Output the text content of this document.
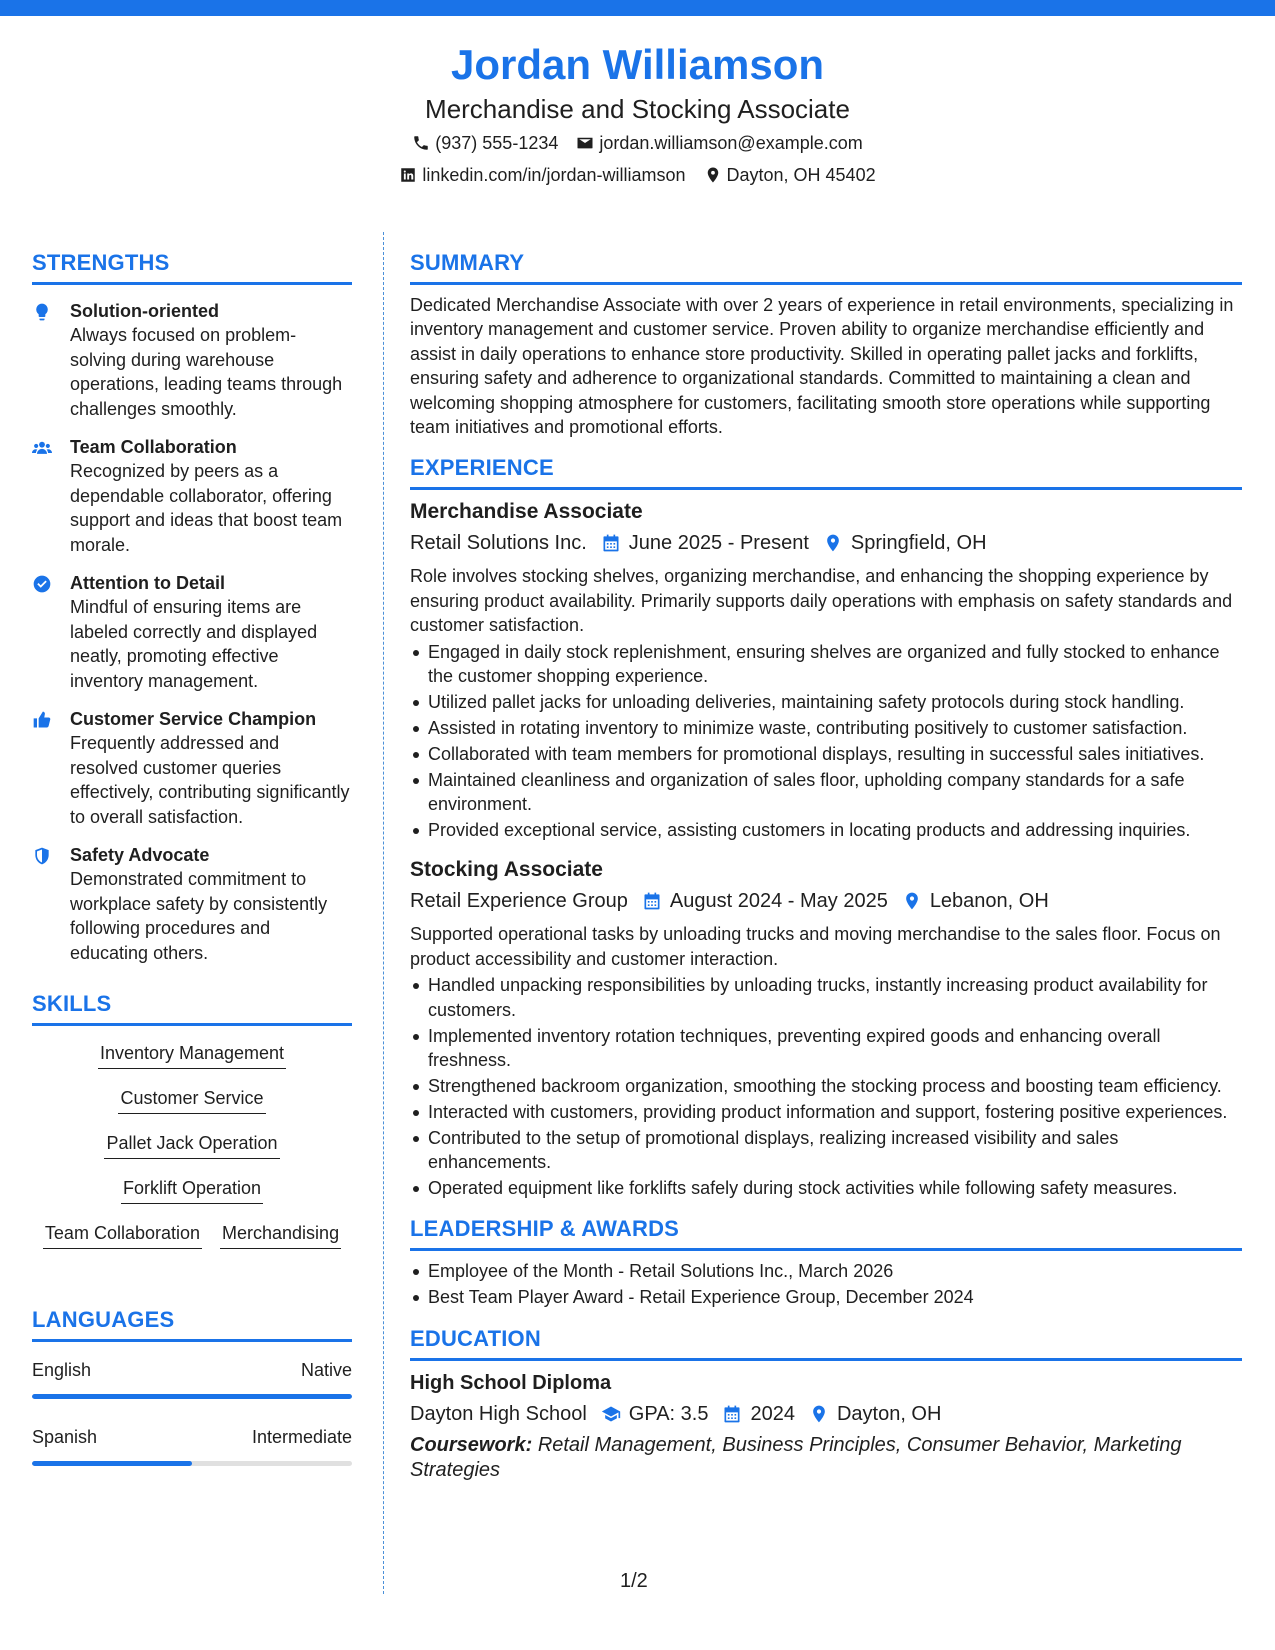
Jordan Williamson
Merchandise and Stocking Associate
(937) 555-1234 jordan.williamson@example.com
linkedin.com/in/jordan-williamson Dayton, OH 45402
STRENGTHS
Solution-oriented
Always focused on problem-solving during warehouse operations, leading teams through challenges smoothly.
Team Collaboration
Recognized by peers as a dependable collaborator, offering support and ideas that boost team morale.
Attention to Detail
Mindful of ensuring items are labeled correctly and displayed neatly, promoting effective inventory management.
Customer Service Champion
Frequently addressed and resolved customer queries effectively, contributing significantly to overall satisfaction.
Safety Advocate
Demonstrated commitment to workplace safety by consistently following procedures and educating others.
SKILLS
Inventory Management
Customer Service
Pallet Jack Operation
Forklift Operation
Team Collaboration Merchandising
LANGUAGES
English	Native
Spanish	Intermediate
SUMMARY
Dedicated Merchandise Associate with over 2 years of experience in retail environments, specializing in inventory management and customer service. Proven ability to organize merchandise efficiently and assist in daily operations to enhance store productivity. Skilled in operating pallet jacks and forklifts, ensuring safety and adherence to organizational standards. Committed to maintaining a clean and welcoming shopping atmosphere for customers, facilitating smooth store operations while supporting team initiatives and promotional efforts.
EXPERIENCE
Merchandise Associate
Retail Solutions Inc. June 2025 - Present Springfield, OH
Role involves stocking shelves, organizing merchandise, and enhancing the shopping experience by ensuring product availability. Primarily supports daily operations with emphasis on safety standards and customer satisfaction.
Engaged in daily stock replenishment, ensuring shelves are organized and fully stocked to enhance the customer shopping experience.
Utilized pallet jacks for unloading deliveries, maintaining safety protocols during stock handling.
Assisted in rotating inventory to minimize waste, contributing positively to customer satisfaction.
Collaborated with team members for promotional displays, resulting in successful sales initiatives.
Maintained cleanliness and organization of sales floor, upholding company standards for a safe environment.
Provided exceptional service, assisting customers in locating products and addressing inquiries.
Stocking Associate
Retail Experience Group August 2024 - May 2025 Lebanon, OH
Supported operational tasks by unloading trucks and moving merchandise to the sales floor. Focus on product accessibility and customer interaction.
Handled unpacking responsibilities by unloading trucks, instantly increasing product availability for customers.
Implemented inventory rotation techniques, preventing expired goods and enhancing overall freshness.
Strengthened backroom organization, smoothing the stocking process and boosting team efficiency.
Interacted with customers, providing product information and support, fostering positive experiences.
Contributed to the setup of promotional displays, realizing increased visibility and sales enhancements.
Operated equipment like forklifts safely during stock activities while following safety measures.
LEADERSHIP & AWARDS
Employee of the Month - Retail Solutions Inc., March 2026
Best Team Player Award - Retail Experience Group, December 2024
EDUCATION
High School Diploma
Dayton High School GPA: 3.5 2024 Dayton, OH
Coursework: Retail Management, Business Principles, Consumer Behavior, Marketing Strategies
1/2
